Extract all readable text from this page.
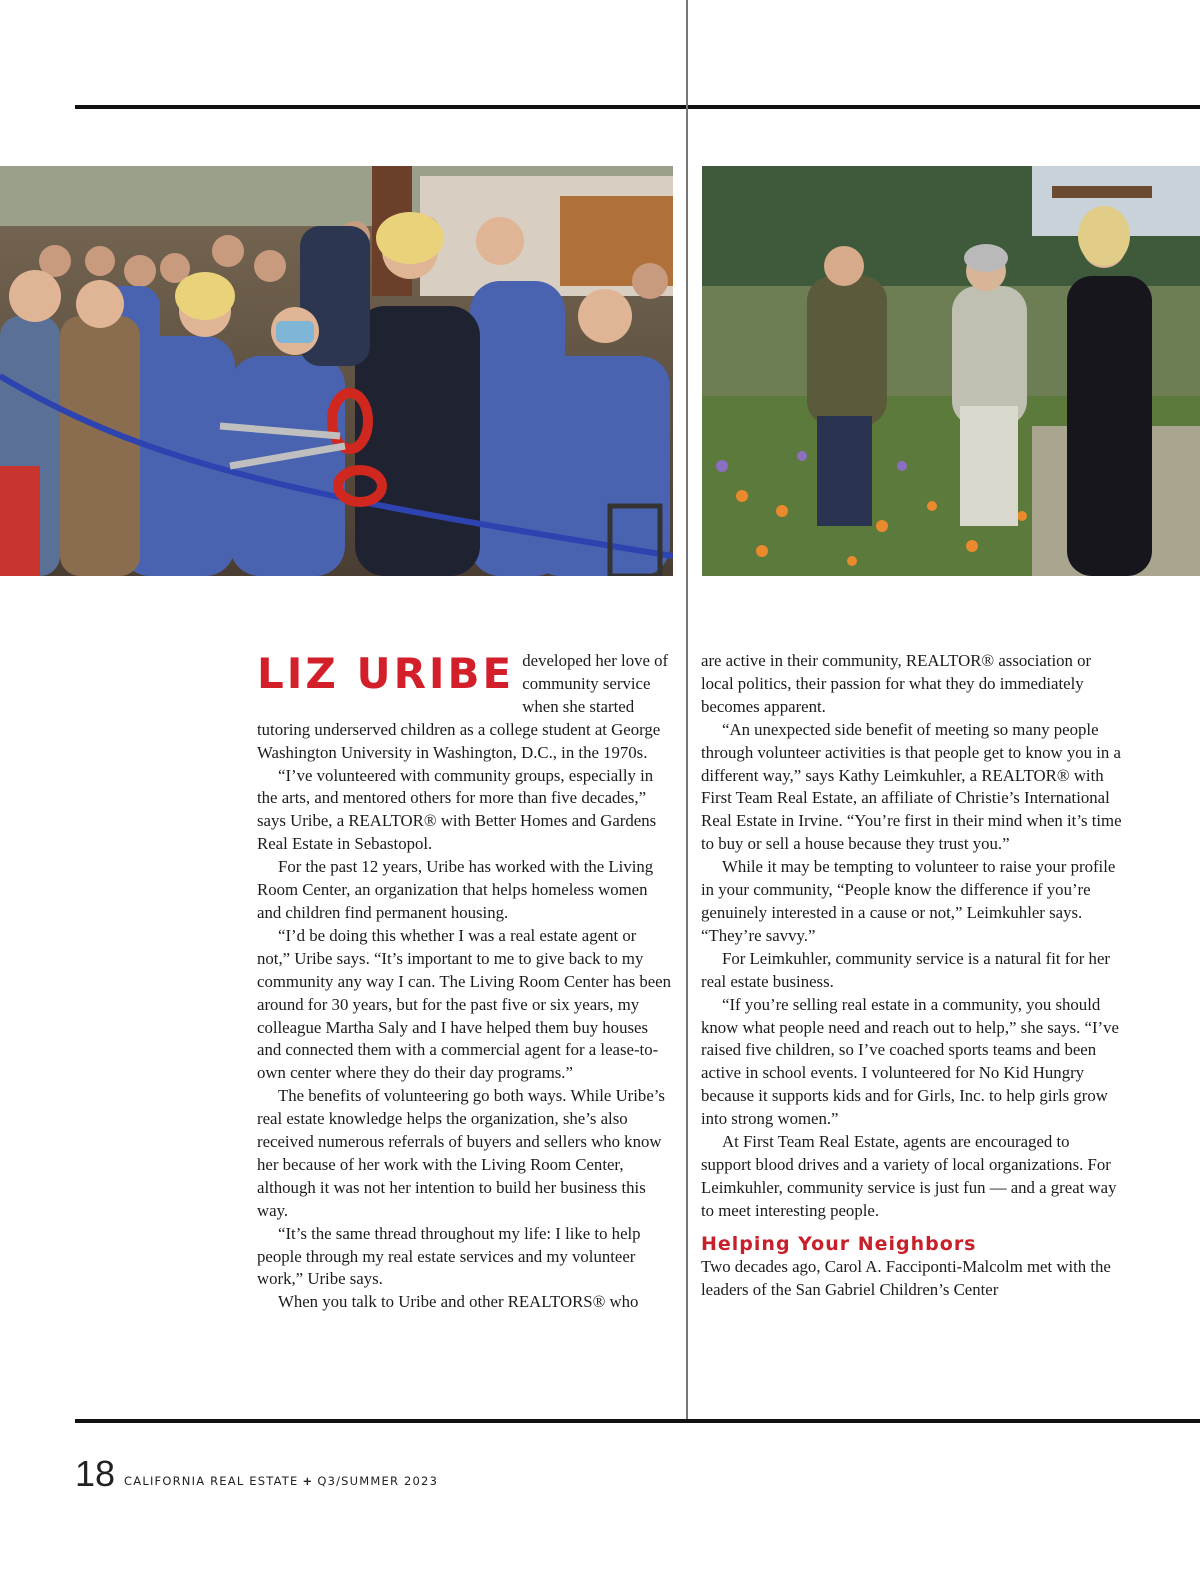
LIZ URIBE developed her love of community service when she started tutoring underserved children as a college student at George Washington University in Washington, D.C., in the 1970s.

“I’ve volunteered with community groups, especially in the arts, and mentored others for more than five decades,” says Uribe, a REALTOR® with Better Homes and Gardens Real Estate in Sebastopol.

For the past 12 years, Uribe has worked with the Living Room Center, an organization that helps homeless women and children find permanent housing.

“I’d be doing this whether I was a real estate agent or not,” Uribe says. “It’s important to me to give back to my community any way I can. The Living Room Center has been around for 30 years, but for the past five or six years, my colleague Martha Saly and I have helped them buy houses and connected them with a commercial agent for a lease-to-own center where they do their day programs.”

The benefits of volunteering go both ways. While Uribe’s real estate knowledge helps the organization, she’s also received numerous referrals of buyers and sellers who know her because of her work with the Living Room Center, although it was not her intention to build her business this way.

“It’s the same thread throughout my life: I like to help people through my real estate services and my volunteer work,” Uribe says.

When you talk to Uribe and other REALTORS® who

are active in their community, REALTOR® association or local politics, their passion for what they do immediately becomes apparent.

“An unexpected side benefit of meeting so many people through volunteer activities is that people get to know you in a different way,” says Kathy Leimkuhler, a REALTOR® with First Team Real Estate, an affiliate of Christie’s International Real Estate in Irvine. “You’re first in their mind when it’s time to buy or sell a house because they trust you.”

While it may be tempting to volunteer to raise your profile in your community, “People know the difference if you’re genuinely interested in a cause or not,” Leimkuhler says. “They’re savvy.”

For Leimkuhler, community service is a natural fit for her real estate business.

“If you’re selling real estate in a community, you should know what people need and reach out to help,” she says. “I’ve raised five children, so I’ve coached sports teams and been active in school events. I volunteered for No Kid Hungry because it supports kids and for Girls, Inc. to help girls grow into strong women.”

At First Team Real Estate, agents are encouraged to support blood drives and a variety of local organizations. For Leimkuhler, community service is just fun — and a great way to meet interesting people.

Helping Your Neighbors

Two decades ago, Carol A. Facciponti-Malcolm met with the leaders of the San Gabriel Children’s Center

18 CALIFORNIA REAL ESTATE + Q3/SUMMER 2023
